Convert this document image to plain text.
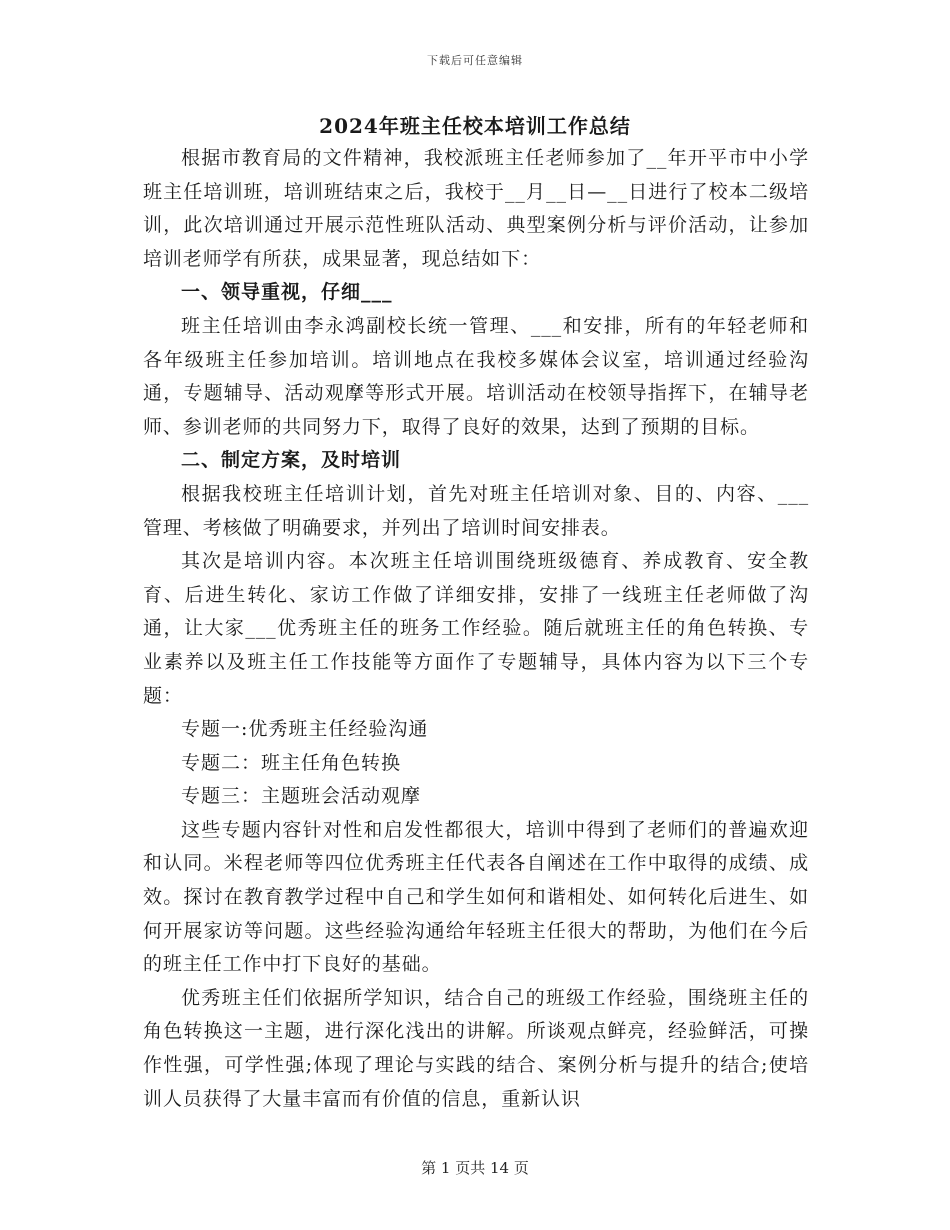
下载后可任意编辑
2024年班主任校本培训工作总结

根据市教育局的文件精神，我校派班主任老师参加了__年开平市中小学班主任培训班，培训班结束之后，我校于__月__日—__日进行了校本二级培训，此次培训通过开展示范性班队活动、典型案例分析与评价活动，让参加培训老师学有所获，成果显著，现总结如下：

一、领导重视，仔细___

班主任培训由李永鸿副校长统一管理、___和安排，所有的年轻老师和各年级班主任参加培训。培训地点在我校多媒体会议室，培训通过经验沟通，专题辅导、活动观摩等形式开展。培训活动在校领导指挥下，在辅导老师、参训老师的共同努力下，取得了良好的效果，达到了预期的目标。

二、制定方案，及时培训

根据我校班主任培训计划，首先对班主任培训对象、目的、内容、___管理、考核做了明确要求，并列出了培训时间安排表。

其次是培训内容。本次班主任培训围绕班级德育、养成教育、安全教育、后进生转化、家访工作做了详细安排，安排了一线班主任老师做了沟通，让大家___优秀班主任的班务工作经验。随后就班主任的角色转换、专业素养以及班主任工作技能等方面作了专题辅导，具体内容为以下三个专题：

专题一:优秀班主任经验沟通

专题二：班主任角色转换

专题三：主题班会活动观摩

这些专题内容针对性和启发性都很大，培训中得到了老师们的普遍欢迎和认同。米程老师等四位优秀班主任代表各自阐述在工作中取得的成绩、成效。探讨在教育教学过程中自己和学生如何和谐相处、如何转化后进生、如何开展家访等问题。这些经验沟通给年轻班主任很大的帮助，为他们在今后的班主任工作中打下良好的基础。

优秀班主任们依据所学知识，结合自己的班级工作经验，围绕班主任的角色转换这一主题，进行深化浅出的讲解。所谈观点鲜亮，经验鲜活，可操作性强，可学性强;体现了理论与实践的结合、案例分析与提升的结合;使培训人员获得了大量丰富而有价值的信息，重新认识

第 1 页共 14 页
